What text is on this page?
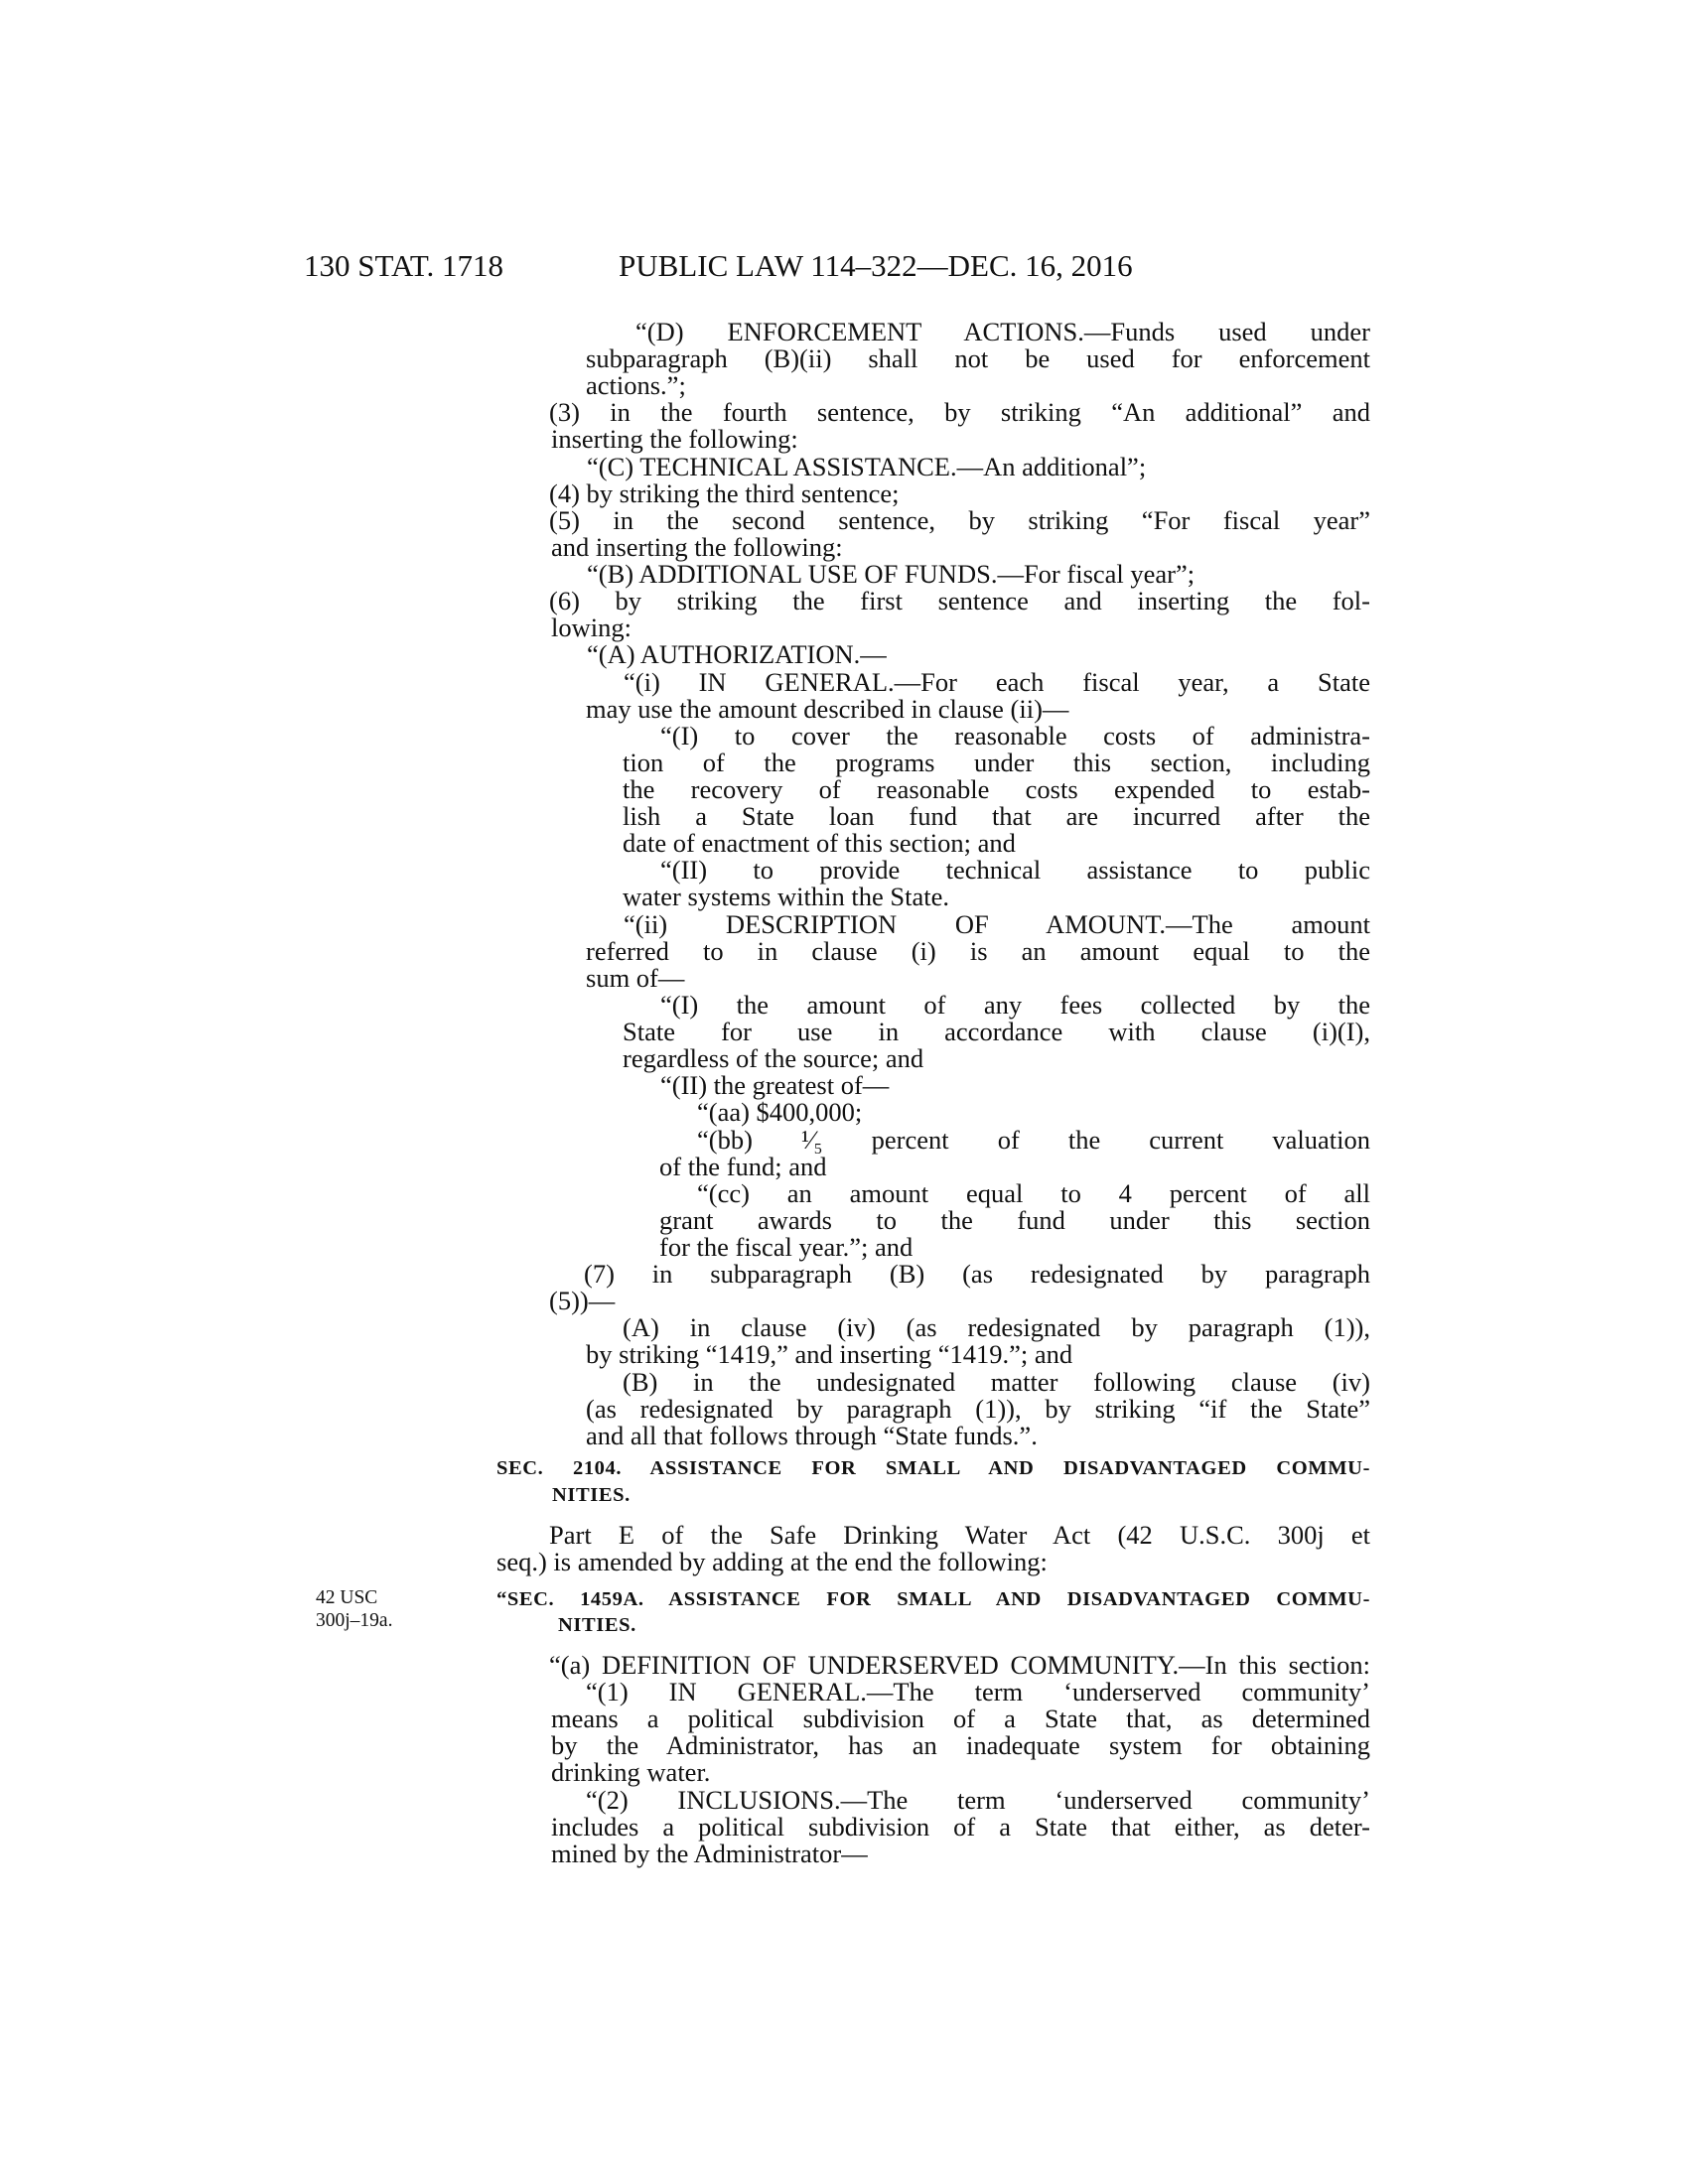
130 STAT. 1718	PUBLIC LAW 114–322—DEC. 16, 2016
42 USC
300j–19a.
“(D) ENFORCEMENT ACTIONS.—Funds used under
subparagraph (B)(ii) shall not be used for enforcement
actions.”;
(3) in the fourth sentence, by striking “An additional” and
inserting the following:
“(C) TECHNICAL ASSISTANCE.—An additional”;
(4) by striking the third sentence;
(5) in the second sentence, by striking “For fiscal year”
and inserting the following:
“(B) ADDITIONAL USE OF FUNDS.—For fiscal year”;
(6) by striking the first sentence and inserting the fol-
lowing:
“(A) AUTHORIZATION.—
“(i) IN GENERAL.—For each fiscal year, a State
may use the amount described in clause (ii)—
“(I) to cover the reasonable costs of administra-
tion of the programs under this section, including
the recovery of reasonable costs expended to estab-
lish a State loan fund that are incurred after the
date of enactment of this section; and
“(II) to provide technical assistance to public
water systems within the State.
“(ii) DESCRIPTION OF AMOUNT.—The amount
referred to in clause (i) is an amount equal to the
sum of—
“(I) the amount of any fees collected by the
State for use in accordance with clause (i)(I),
regardless of the source; and
“(II) the greatest of—
“(aa) $400,000;
“(bb) ¹⁄₅ percent of the current valuation
of the fund; and
“(cc) an amount equal to 4 percent of all
grant awards to the fund under this section
for the fiscal year.”; and
(7) in subparagraph (B) (as redesignated by paragraph
(5))—
(A) in clause (iv) (as redesignated by paragraph (1)),
by striking “1419,” and inserting “1419.”; and
(B) in the undesignated matter following clause (iv)
(as redesignated by paragraph (1)), by striking “if the State”
and all that follows through “State funds.”.
SEC. 2104. ASSISTANCE FOR SMALL AND DISADVANTAGED COMMU-
NITIES.
Part E of the Safe Drinking Water Act (42 U.S.C. 300j et
seq.) is amended by adding at the end the following:
“SEC. 1459A. ASSISTANCE FOR SMALL AND DISADVANTAGED COMMU-
NITIES.
“(a) DEFINITION OF UNDERSERVED COMMUNITY.—In this section:
“(1) IN GENERAL.—The term ‘underserved community’
means a political subdivision of a State that, as determined
by the Administrator, has an inadequate system for obtaining
drinking water.
“(2) INCLUSIONS.—The term ‘underserved community’
includes a political subdivision of a State that either, as deter-
mined by the Administrator—
